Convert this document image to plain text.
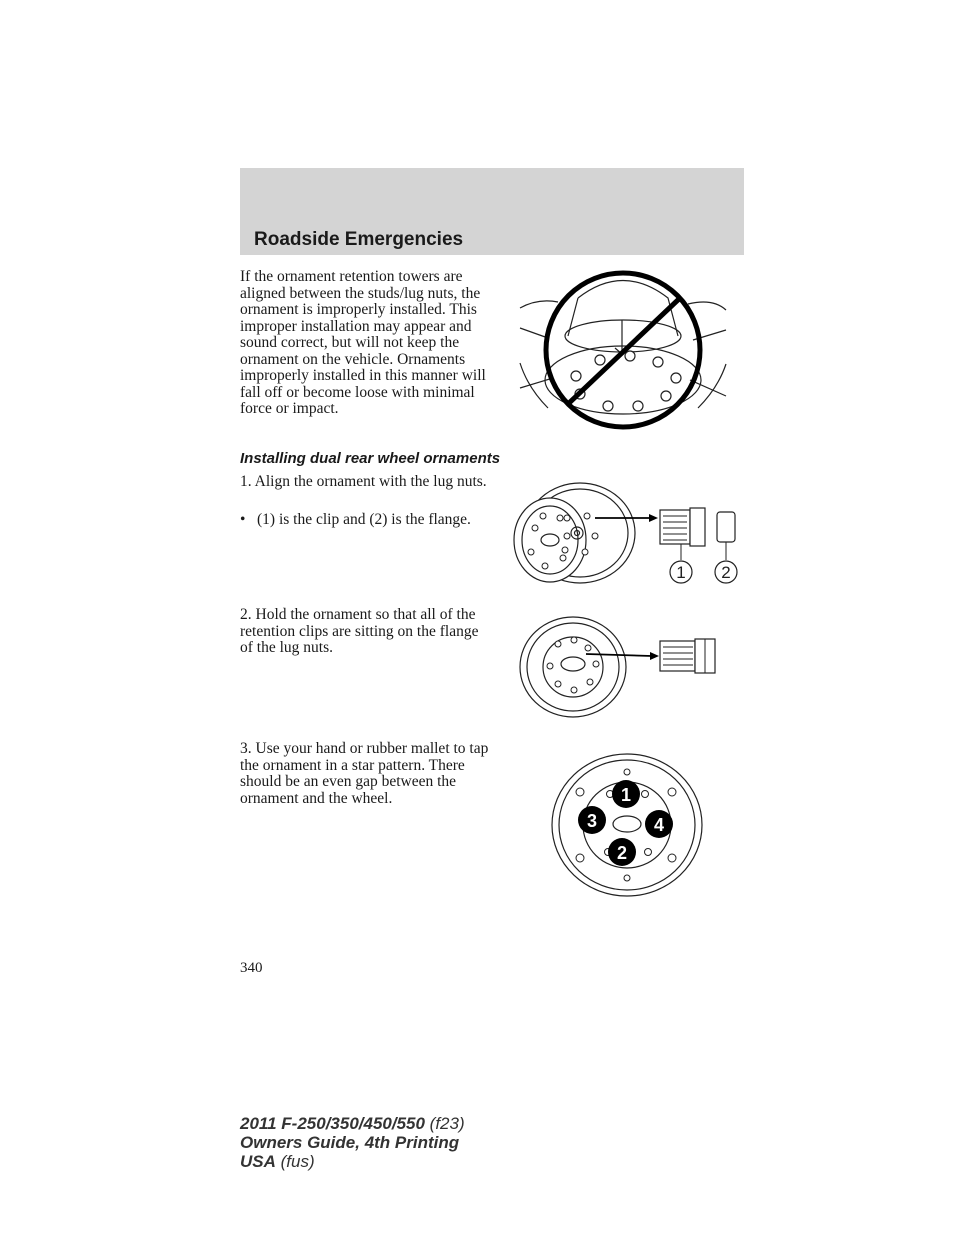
Roadside Emergencies
If the ornament retention towers are aligned between the studs/lug nuts, the ornament is improperly installed. This improper installation may appear and sound correct, but will not keep the ornament on the vehicle. Ornaments improperly installed in this manner will fall off or become loose with minimal force or impact.
Installing dual rear wheel ornaments
1. Align the ornament with the lug nuts.
• (1) is the clip and (2) is the flange.
1 2
2. Hold the ornament so that all of the retention clips are sitting on the flange of the lug nuts.
3. Use your hand or rubber mallet to tap the ornament in a star pattern. There should be an even gap between the ornament and the wheel.	1
2
3	4
340
2011 F-250/350/450/550 (f23)
Owners Guide, 4th Printing
USA (fus)
